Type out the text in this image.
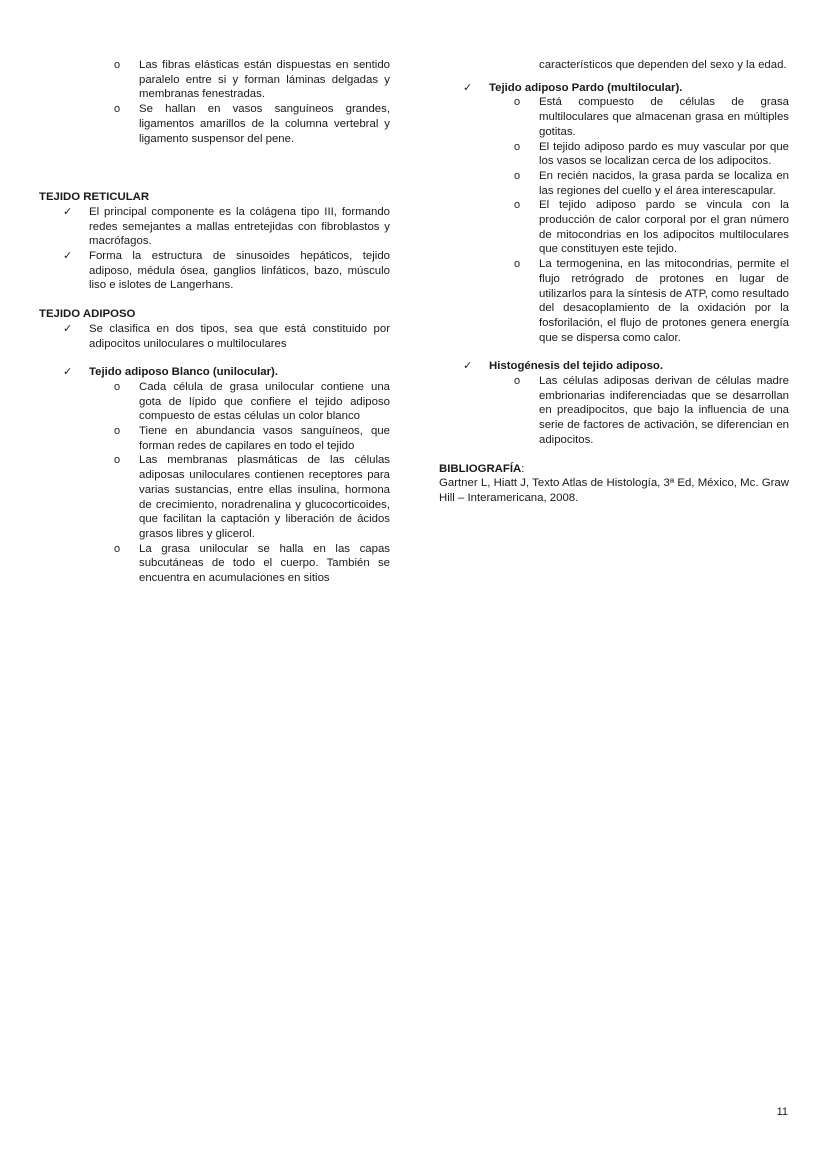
o Las fibras elásticas están dispuestas en sentido paralelo entre si y forman láminas delgadas y membranas fenestradas.
o Se hallan en vasos sanguíneos grandes, ligamentos amarillos de la columna vertebral y ligamento suspensor del pene.
TEJIDO RETICULAR
✓ El principal componente es la colágena tipo III, formando redes semejantes a mallas entretejidas con fibroblastos y macrófagos.
✓ Forma la estructura de sinusoides hepáticos, tejido adiposo, médula ósea, ganglios linfáticos, bazo, músculo liso e islotes de Langerhans.
TEJIDO ADIPOSO
✓ Se clasifica en dos tipos, sea que está constituido por adipocitos uniloculares o multiloculares
✓ Tejido adiposo Blanco (unilocular).
o Cada célula de grasa unilocular contiene una gota de lípido que confiere el tejido adiposo compuesto de estas células un color blanco
o Tiene en abundancia vasos sanguíneos, que forman redes de capilares en todo el tejido
o Las membranas plasmáticas de las células adiposas uniloculares contienen receptores para varias sustancias, entre ellas insulina, hormona de crecimiento, noradrenalina y glucocorticoides, que facilitan la captación y liberación de ácidos grasos libres y glicerol.
o La grasa unilocular se halla en las capas subcutáneas de todo el cuerpo. También se encuentra en acumulaciones en sitios
característicos que dependen del sexo y la edad.
✓ Tejido adiposo Pardo (multilocular).
o Está compuesto de células de grasa multiloculares que almacenan grasa en múltiples gotitas.
o El tejido adiposo pardo es muy vascular por que los vasos se localizan cerca de los adipocitos.
o En recién nacidos, la grasa parda se localiza en las regiones del cuello y el área interescapular.
o El tejido adiposo pardo se vincula con la producción de calor corporal por el gran número de mitocondrias en los adipocitos multiloculares que constituyen este tejido.
o La termogenina, en las mitocondrias, permite el flujo retrógrado de protones en lugar de utilizarlos para la síntesis de ATP, como resultado del desacoplamiento de la oxidación por la fosforilación, el flujo de protones genera energía que se dispersa como calor.
✓ Histogénesis del tejido adiposo.
o Las células adiposas derivan de células madre embrionarias indiferenciadas que se desarrollan en preadipocitos, que bajo la influencia de una serie de factores de activación, se diferencian en adipocitos.
BIBLIOGRAFÍA:
Gartner L, Hiatt J, Texto Atlas de Histología, 3ª Ed, México, Mc. Graw Hill – Interamericana, 2008.
11
